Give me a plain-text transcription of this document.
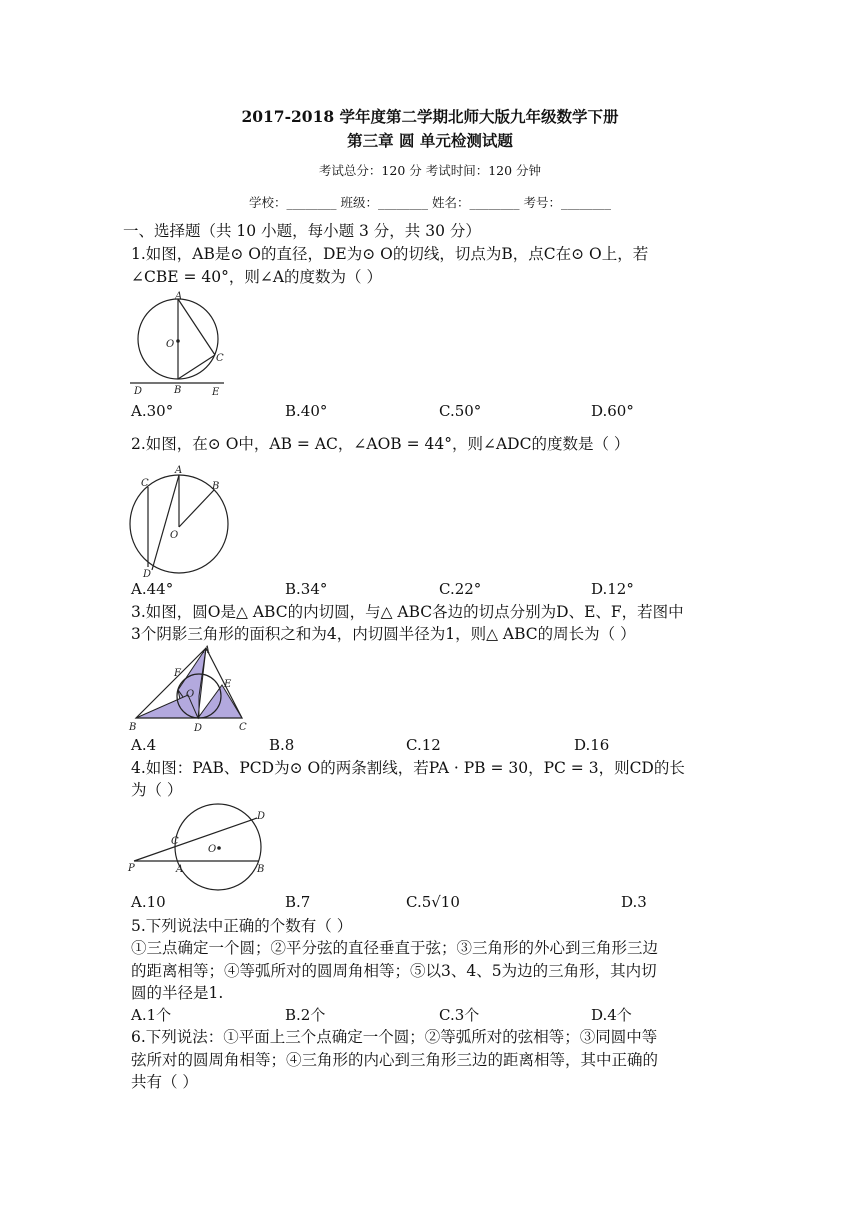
2017-2018 学年度第二学期北师大版九年级数学下册
第三章 圆 单元检测试题
考试总分：120 分 考试时间：120 分钟
学校：________ 班级：________ 姓名：________ 考号：________
一、选择题（共 10 小题，每小题 3 分，共 30 分）
1.如图，AB是⊙ O的直径，DE为⊙ O的切线，切点为B，点C在⊙ O上，若
∠CBE = 40°，则∠A的度数为（ ）
A
O
C
D	B	E
A.30°	B.40°	C.50°	D.60°
2.如图，在⊙ O中，AB = AC，∠AOB = 44°，则∠ADC的度数是（ ）
A
C	B
O
D
A.44°	B.34°	C.22°	D.12°
3.如图，圆O是△ ABC的内切圆，与△ ABC各边的切点分别为D、E、F，若图中
3个阴影三角形的面积之和为4，内切圆半径为1，则△ ABC的周长为（ ）
A
F
E
O
B	D	C
A.4	B.8	C.12	D.16
4.如图：PAB、PCD为⊙ O的两条割线，若PA · PB = 30，PC = 3，则CD的长
为（ ）
D
C
O
P	A	B
A.10	B.7	C.5√10	D.3
5.下列说法中正确的个数有（ ）
①三点确定一个圆；②平分弦的直径垂直于弦；③三角形的外心到三角形三边
的距离相等；④等弧所对的圆周角相等；⑤以3、4、5为边的三角形，其内切
圆的半径是1.
A.1个	B.2个	C.3个	D.4个
6.下列说法：①平面上三个点确定一个圆；②等弧所对的弦相等；③同圆中等
弦所对的圆周角相等；④三角形的内心到三角形三边的距离相等，其中正确的
共有（ ）
